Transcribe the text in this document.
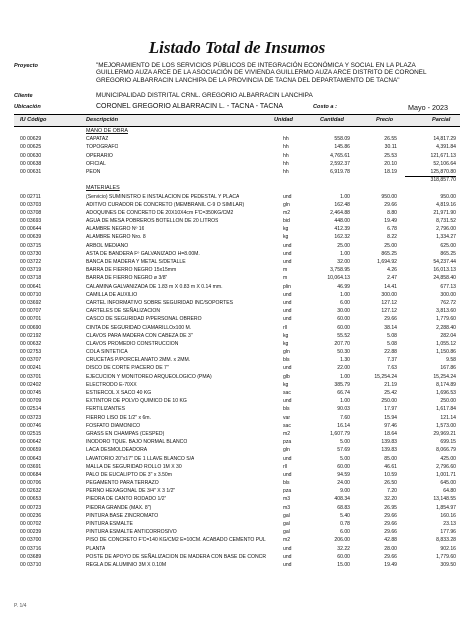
Listado Total de Insumos
Proyecto	"MEJORAMIENTO DE LOS SERVICIOS PÚBLICOS DE INTEGRACIÓN ECONÓMICA Y SOCIAL EN LA PLAZA GUILLERMO AUZA ARCE DE LA ASOCIACIÓN DE VIVIENDA GUILLERMO AUZA ARCE DISTRITO DE CORONEL GREGORIO ALBARRACIN LANCHIPA DE LA PROVINCIA DE TACNA DEL DEPARTAMENTO DE TACNA"
Cliente	MUNICIPALIDAD DISTRITAL CRNL. GREGORIO ALBARRACIN LANCHIPA
Ubicación	CORONEL GREGORIO ALBARRACIN L. - TACNA - TACNA	Costo a :	Mayo - 2023
IU Código	Descripción	Unidad	Cantidad	Precio	Parcial
MANO DE OBRA
00 00629	CAPATAZ	hh	558.09	26.55	14,817.29
00 00625	TOPOGRAFO	hh	145.86	30.11	4,391.84
00 00630	OPERARIO	hh	4,765.61	25.53	121,671.13
00 00638	OFICIAL	hh	2,592.37	20.10	52,106.64
00 00631	PEON	hh	6,919.78	18.19	125,870.80
318,857.70
MATERIALES
00 02711	(Servicio) SUMINISTRO E INSTALACION DE PEDESTAL Y PLACA	und	1.00	950.00	950.00
00 03703	ADITIVO CURADOR DE CONCRETO (MEMBRANIL C-9 O SIMILAR)	gln	162.48	29.66	4,819.16
00 03708	ADOQUINES DE CONCRETO DE 20X10X4cm F'C=350KG/CM2	m2	2,464.88	8.80	21,971.90
00 03693	AGUA DE MESA POBREROS BOTELLON DE 20 LITROS	bid	448.00	19.49	8,731.52
00 00644	ALAMBRE NEGRO Nº 16	kg	412.39	6.78	2,796.00
00 00639	ALAMBRE NEGRO Nro. 8	kg	162.32	8.22	1,334.27
00 03715	ARBOL MEDIANO	und	25.00	25.00	625.00
00 03730	ASTA DE BANDERA Fº GALVANIZADO H=8.00M.	und	1.00	865.25	865.25
00 03722	BANCA DE MADERA Y METAL S/DETALLE	und	32.00	1,694.92	54,237.44
00 03719	BARRA DE FIERRO NEGRO 15x15mm	m	3,758.95	4.26	16,013.13
00 03718	BARRA DE FIERRO NEGRO ø 3/8"	m	10,064.13	2.47	24,858.40
00 00641	CALAMINA GALVANIZADA DE 1.83 m X 0.83 m X 0.14 mm.	plin	46.99	14.41	677.13
00 00710	CAMILLA DE AUXILIO	und	1.00	300.00	300.00
00 03692	CARTEL INFORMATIVO SOBRE SEGURIDAD INC/SOPORTES	und	6.00	127.12	762.72
00 00707	CARTELES DE SEÑALIZACION	und	30.00	127.12	3,813.60
00 00701	CASCO DE SEGURIDAD P/PERSONAL OBRERO	und	60.00	29.66	1,779.60
00 00690	CINTA DE SEGURIDAD C/AMARILLOx100 M.	rll	60.00	38.14	2,288.40
00 02192	CLAVOS PARA MADERA CON CABEZA DE 3"	kg	55.52	5.08	282.04
00 00632	CLAVOS PROMEDIO CONSTRUCCION	kg	207.70	5.08	1,055.12
00 02753	COLA SINTETICA	gln	50.30	22.88	1,150.86
00 03707	CRUCETAS P/PORCELANATO 2MM. x 2MM.	bls	1.30	7.37	9.58
00 00241	DISCO DE CORTE P/ACERO DE 7"	und	22.00	7.63	167.86
00 03701	EJECUCION Y MONITOREO ARQUEOLOGICO (PMA)	glb	1.00	15,254.24	15,254.24
00 02402	ELECTRODO E-70XX	kg	385.79	21.19	8,174.89
00 00745	ESTIERCOL X SACO 40 KG	sac	66.74	25.42	1,696.53
00 00709	EXTINTOR DE POLVO QUIMICO DE 10 KG	und	1.00	250.00	250.00
00 02514	FERTILIZANTES	bls	90.03	17.97	1,617.84
00 03723	FIERRO LISO DE 1/2" x 6m.	var	7.60	15.94	121.14
00 00746	FOSFATO DIAMONICO	sac	16.14	97.46	1,573.00
00 02515	GRASS EN CHAMPAS (CESPED)	m2	1,607.79	18.64	29,969.21
00 00642	INODORO TQUE. BAJO NORMAL BLANCO	pza	5.00	139.83	699.15
00 00659	LACA DESMOLDEADORA	gln	57.69	139.83	8,066.79
00 00643	LAVATORIO 20"x17" DE 1 LLAVE BLANCO S/A	und	5.00	85.00	425.00
00 03691	MALLA DE SEGURIDAD ROLLO 1M X 30	rll	60.00	46.61	2,796.60
00 00684	PALO DE EUCALIPTO DE 3" x 3.50m	und	94.59	10.59	1,001.71
00 00706	PEGAMENTO PARA TERRAZO	bls	24.00	26.50	645.00
00 02632	PERNO HEXAGONAL DE 3/4" X 3 1/2"	pza	9.00	7.20	64.80
00 00653	PIEDRA DE CANTO RODADO 1/2"	m3	408.34	32.20	13,148.55
00 00723	PIEDRA GRANDE (MAX. 8")	m3	68.83	26.95	1,854.97
00 00236	PINTURA BASE ZINCROMATO	gal	5.40	29.66	160.16
00 00702	PINTURA ESMALTE	gal	0.78	29.66	23.13
00 00239	PINTURA ESMALTE ANTICORROSIVO	gal	6.00	29.66	177.96
00 03700	PISO DE CONCRETO F'C=140 KG/CM2 E=10CM. ACABADO CEMENTO PUL	m2	206.00	42.88	8,833.28
00 03716	PLANTA	und	32.22	28.00	902.16
00 03689	POSTE DE APOYO DE SEÑALIZACION DE MADERA CON BASE DE CONCR	und	60.00	29.66	1,779.60
00 03710	REGLA DE ALUMINIO 3M X 0.10M	und	15.00	19.49	309.50
P. 1/4
